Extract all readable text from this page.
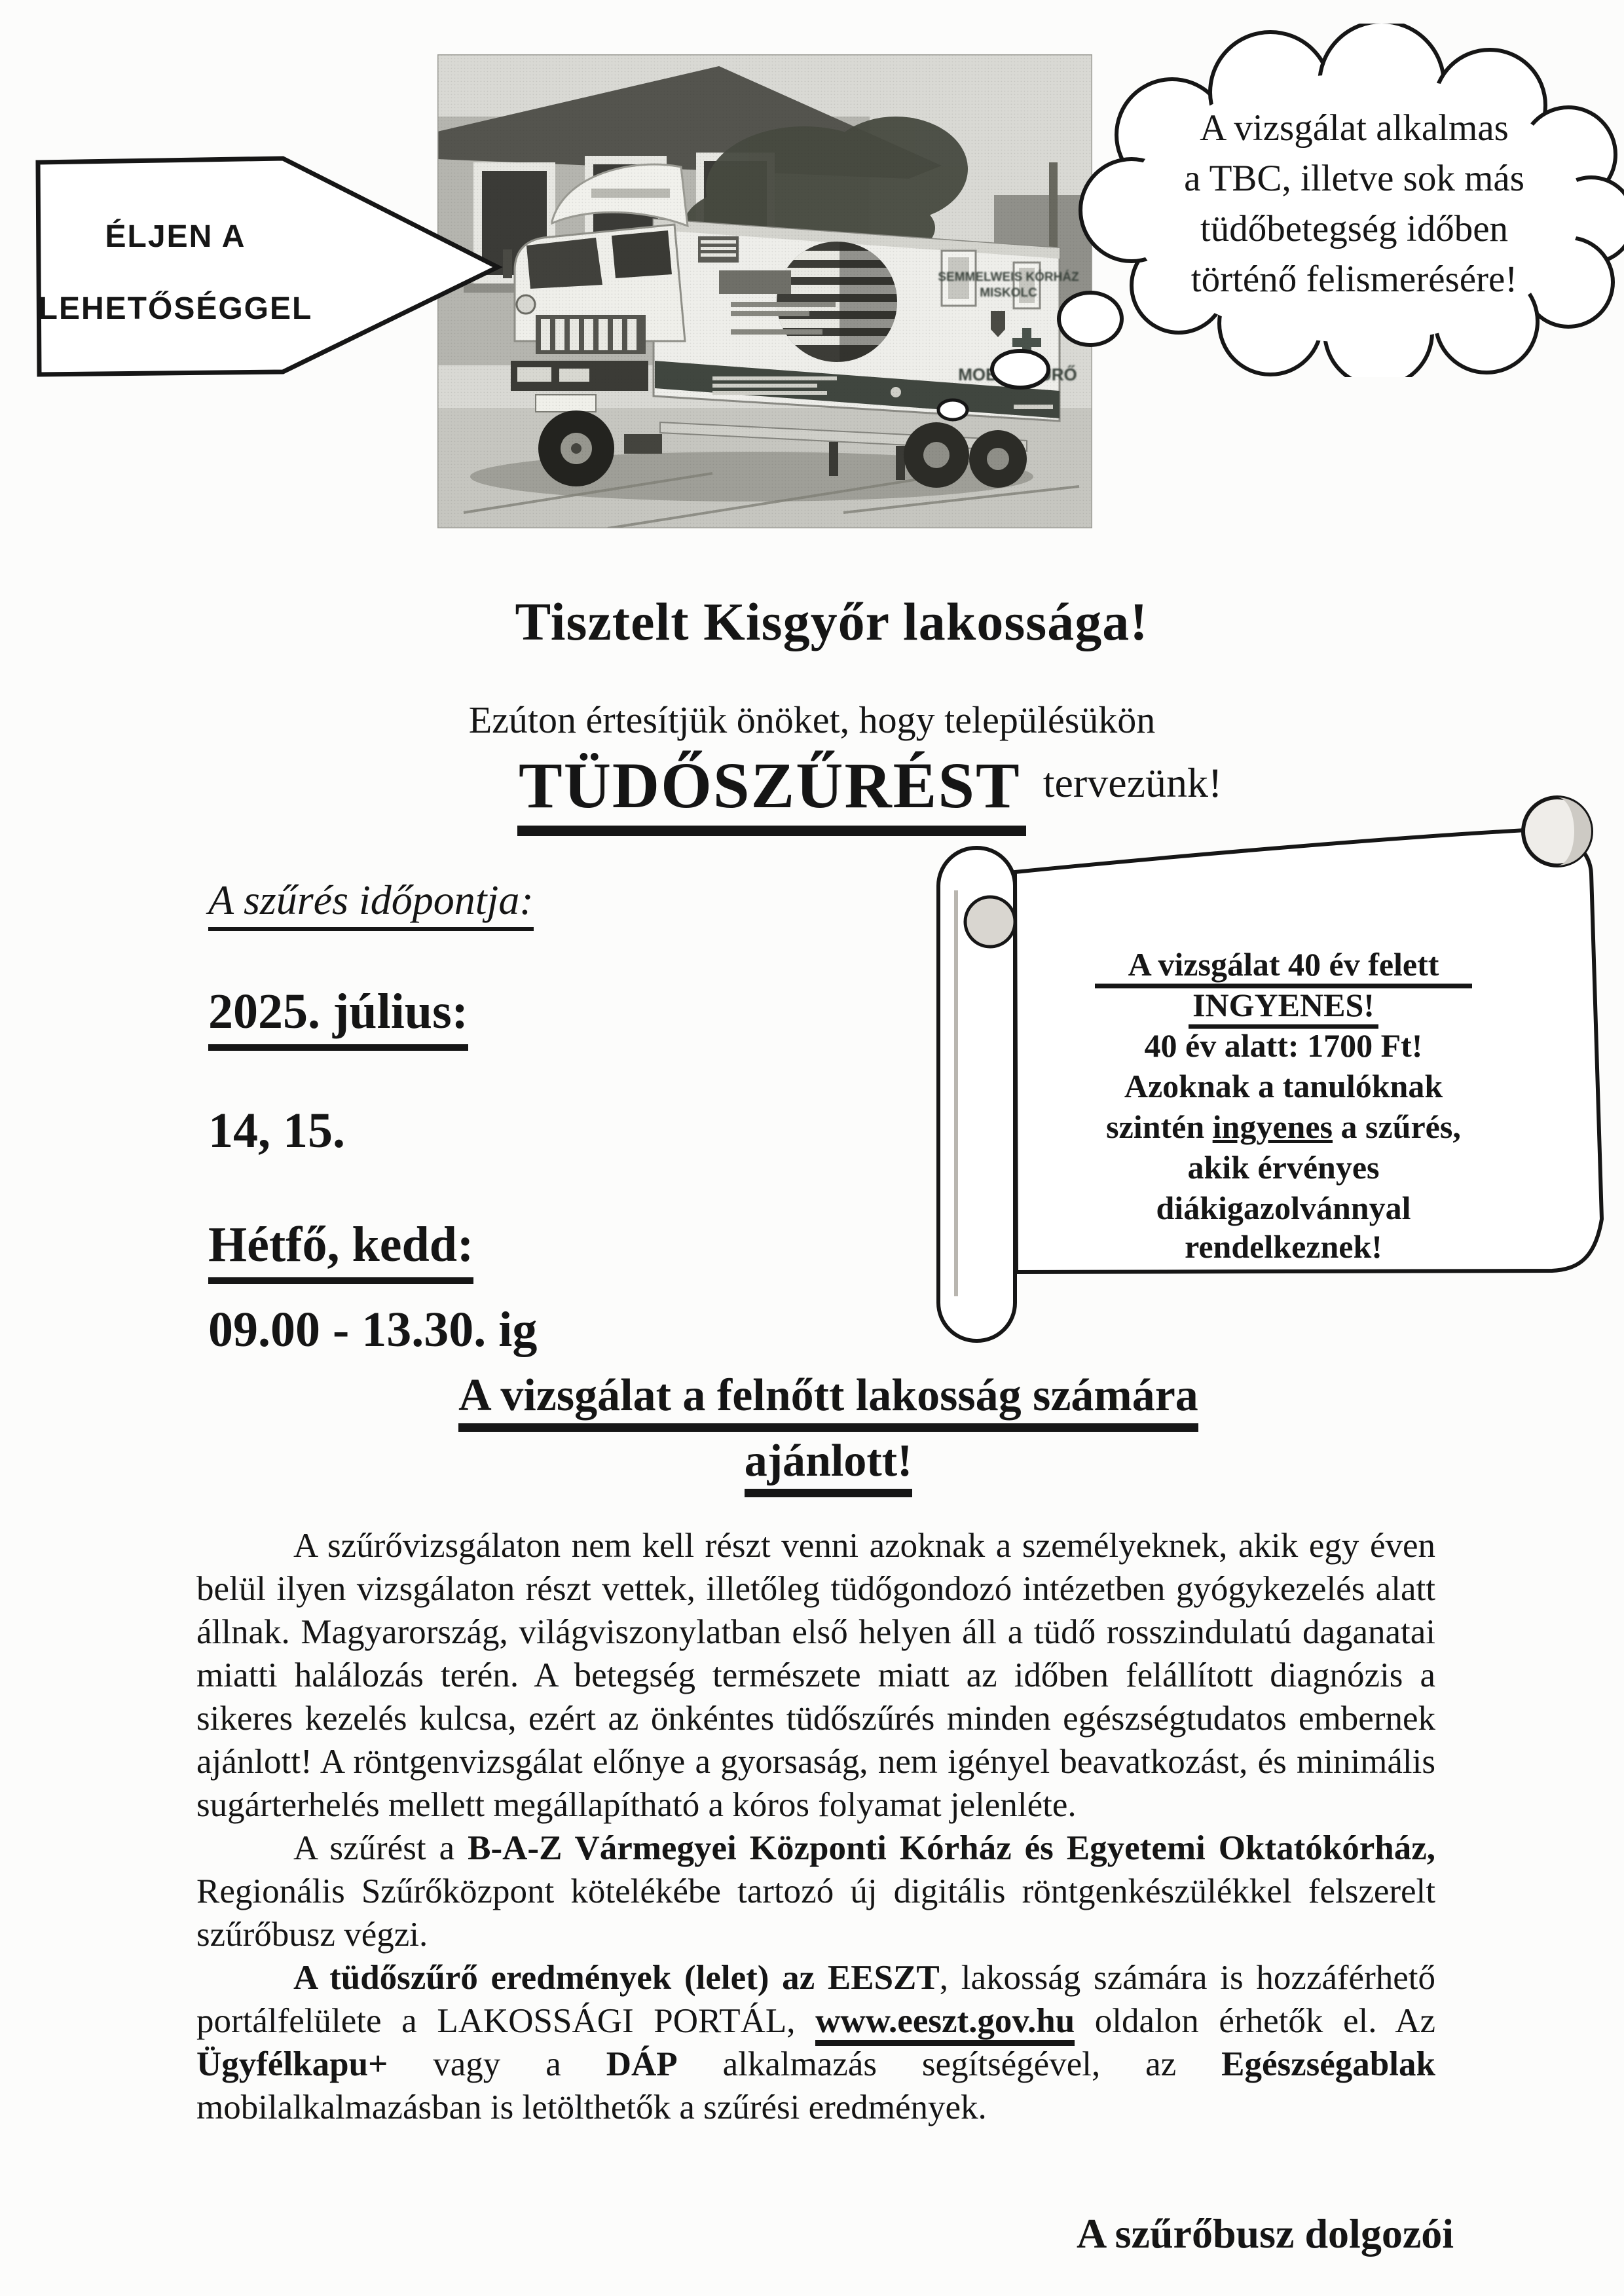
ÉLJEN A
LEHETŐSÉGGEL
A vizsgálat alkalmas
a TBC, illetve sok más
tüdőbetegség időben
történő felismerésére!
Tisztelt Kisgyőr lakossága!
Ezúton értesítjük önöket, hogy településükön
TÜDŐSZŰRÉST tervezünk!
A szűrés időpontja:
2025. július:
14, 15.
Hétfő, kedd:
09.00 - 13.30. ig
A vizsgálat 40 év felett
INGYENES!
40 év alatt: 1700 Ft!
Azoknak a tanulóknak
szintén ingyenes a szűrés,
akik érvényes
diákigazolvánnyal
rendelkeznek!
A vizsgálat a felnőtt lakosság számára
ajánlott!

A szűrővizsgálaton nem kell részt venni azoknak a személyeknek, akik egy éven belül ilyen vizsgálaton részt vettek, illetőleg tüdőgondozó intézetben gyógykezelés alatt állnak. Magyarország, világviszonylatban első helyen áll a tüdő rosszindulatú daganatai miatti halálozás terén. A betegség természete miatt az időben felállított diagnózis a sikeres kezelés kulcsa, ezért az önkéntes tüdőszűrés minden egészségtudatos embernek ajánlott! A röntgenvizsgálat előnye a gyorsaság, nem igényel beavatkozást, és minimális sugárterhelés mellett megállapítható a kóros folyamat jelenléte.

A szűrést a B-A-Z Vármegyei Központi Kórház és Egyetemi Oktatókórház, Regionális Szűrőközpont kötelékébe tartozó új digitális röntgenkészülékkel felszerelt szűrőbusz végzi.

A tüdőszűrő eredmények (lelet) az EESZT, lakosság számára is hozzáférhető portálfelülete a LAKOSSÁGI PORTÁL, www.eeszt.gov.hu oldalon érhetők el. Az Ügyfélkapu+ vagy a DÁP alkalmazás segítségével, az Egészségablak mobilalkalmazásban is letölthetők a szűrési eredmények.

A szűrőbusz dolgozói
